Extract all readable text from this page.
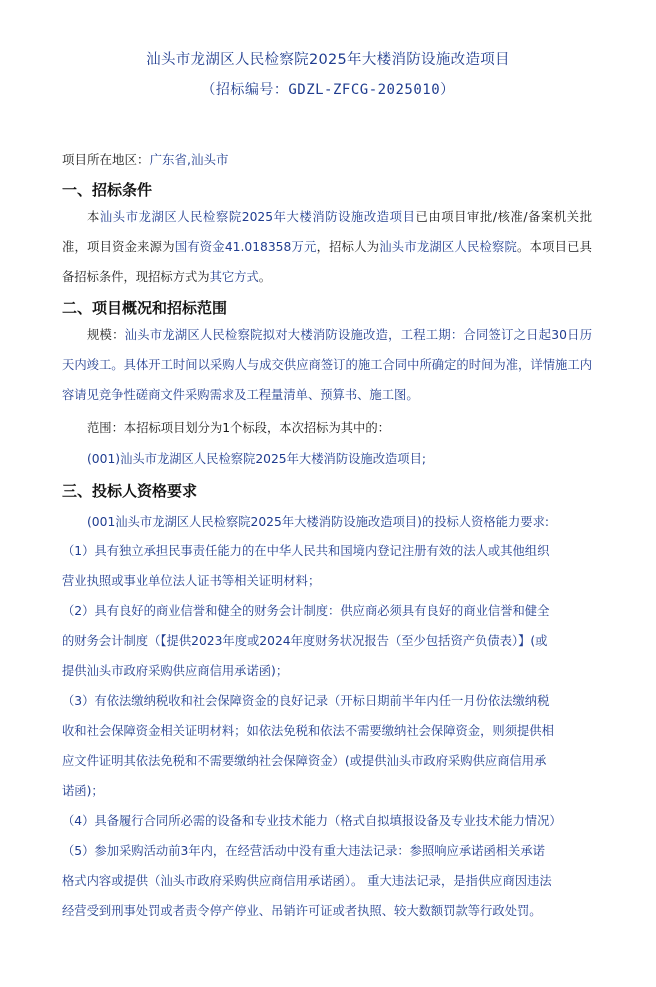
汕头市龙湖区人民检察院2025年大楼消防设施改造项目
（招标编号：GDZL-ZFCG-2025010）
项目所在地区：广东省,汕头市
一、招标条件
本汕头市龙湖区人民检察院2025年大楼消防设施改造项目已由项目审批/核准/备案机关批准，项目资金来源为国有资金41.018358万元，招标人为汕头市龙湖区人民检察院。本项目已具备招标条件，现招标方式为其它方式。
二、项目概况和招标范围
规模：汕头市龙湖区人民检察院拟对大楼消防设施改造，工程工期：合同签订之日起30日历天内竣工。具体开工时间以采购人与成交供应商签订的施工合同中所确定的时间为准，详情施工内容请见竞争性磋商文件采购需求及工程量清单、预算书、施工图。
范围：本招标项目划分为1个标段，本次招标为其中的：
(001)汕头市龙湖区人民检察院2025年大楼消防设施改造项目;
三、投标人资格要求
(001汕头市龙湖区人民检察院2025年大楼消防设施改造项目)的投标人资格能力要求:
（1）具有独立承担民事责任能力的在中华人民共和国境内登记注册有效的法人或其他组织
营业执照或事业单位法人证书等相关证明材料；
（2）具有良好的商业信誉和健全的财务会计制度：供应商必须具有良好的商业信誉和健全
的财务会计制度（【提供2023年度或2024年度财务状况报告（至少包括资产负债表）】(或
提供汕头市政府采购供应商信用承诺函)；
（3）有依法缴纳税收和社会保障资金的良好记录（开标日期前半年内任一月份依法缴纳税
收和社会保障资金相关证明材料；如依法免税和依法不需要缴纳社会保障资金，则须提供相
应文件证明其依法免税和不需要缴纳社会保障资金）(或提供汕头市政府采购供应商信用承
诺函)；
（4）具备履行合同所必需的设备和专业技术能力（格式自拟填报设备及专业技术能力情况）
（5）参加采购活动前3年内，在经营活动中没有重大违法记录：参照响应承诺函相关承诺
格式内容或提供（汕头市政府采购供应商信用承诺函）。 重大违法记录，是指供应商因违法
经营受到刑事处罚或者责令停产停业、吊销许可证或者执照、较大数额罚款等行政处罚。
